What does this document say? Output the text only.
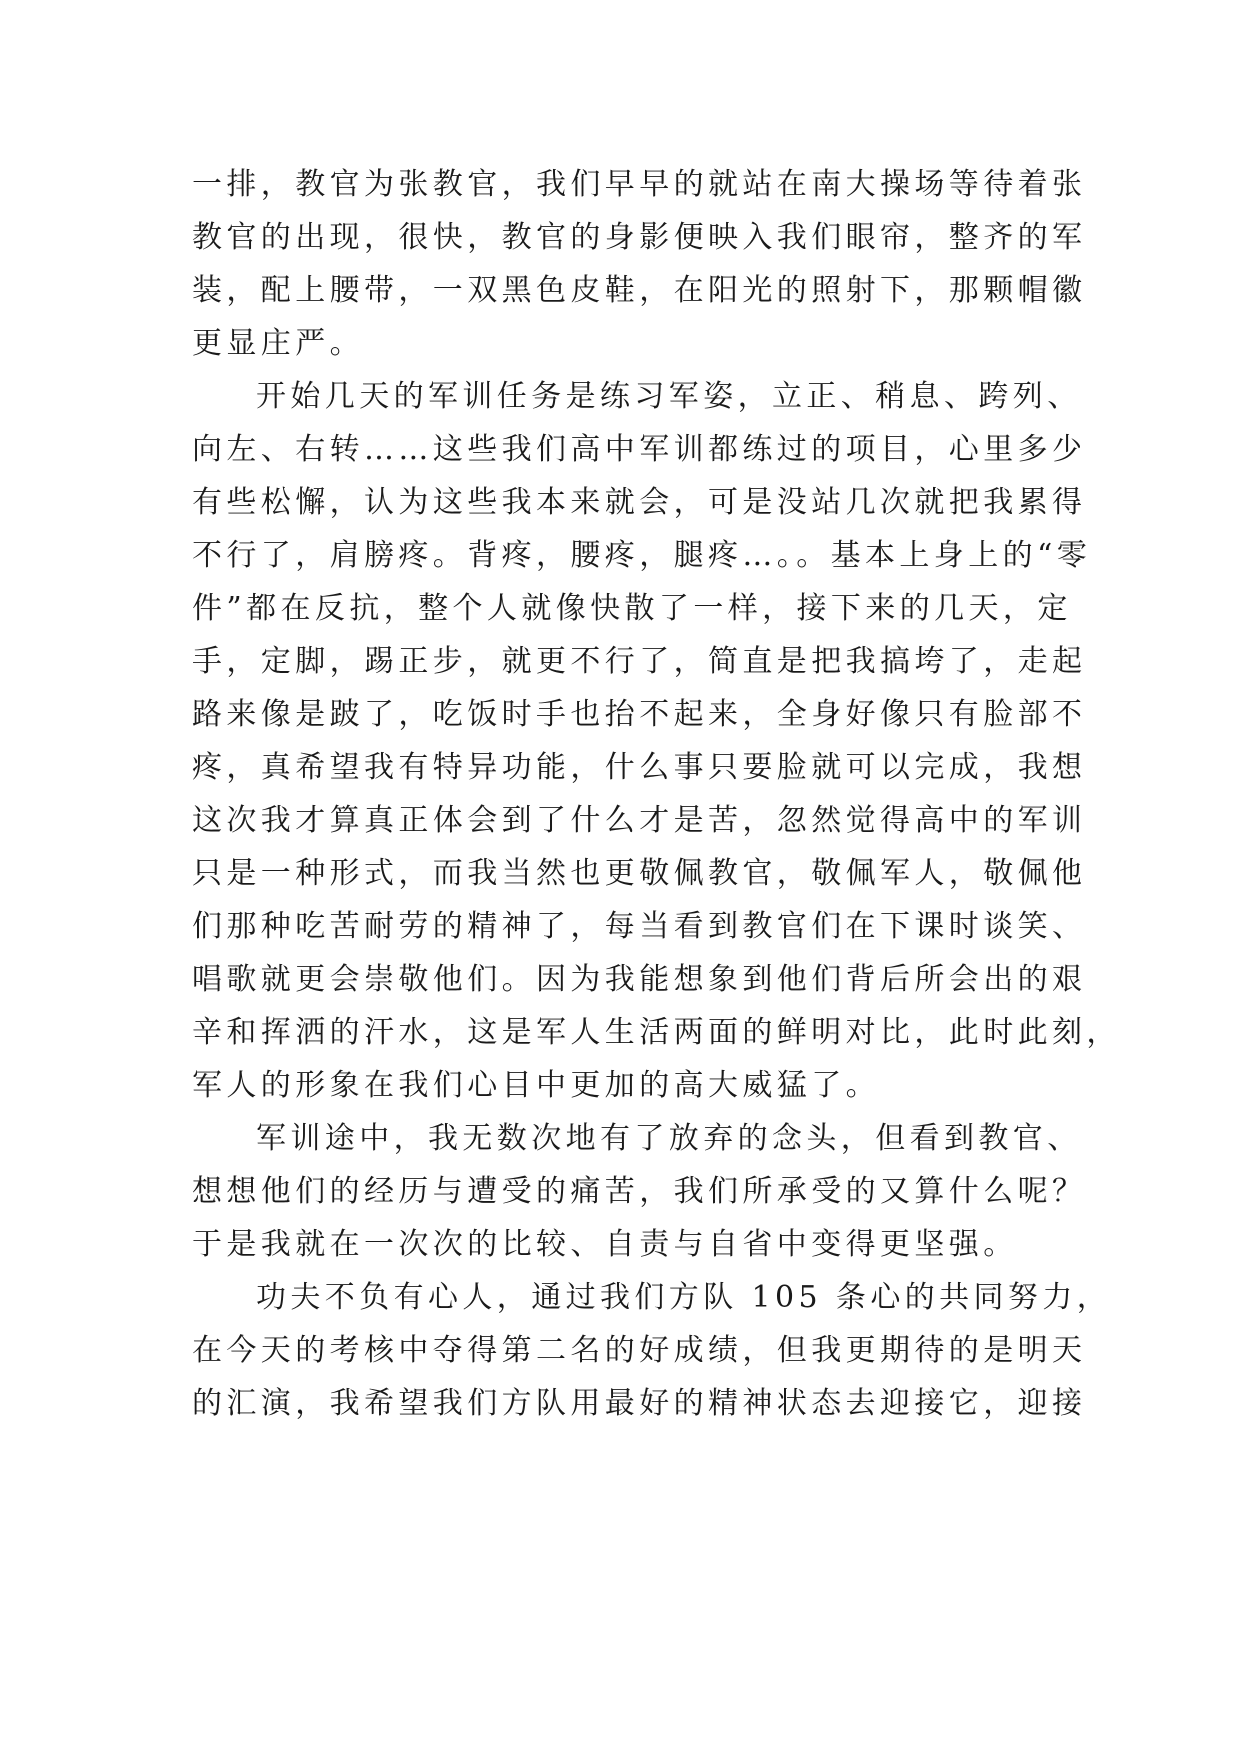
一排，教官为张教官，我们早早的就站在南大操场等待着张
教官的出现，很快，教官的身影便映入我们眼帘，整齐的军
装，配上腰带，一双黑色皮鞋，在阳光的照射下，那颗帽徽
更显庄严。
开始几天的军训任务是练习军姿，立正、稍息、跨列、
向左、右转……这些我们高中军训都练过的项目，心里多少
有些松懈，认为这些我本来就会，可是没站几次就把我累得
不行了，肩膀疼。背疼，腰疼，腿疼…。。基本上身上的“零
件”都在反抗，整个人就像快散了一样，接下来的几天，定
手，定脚，踢正步，就更不行了，简直是把我搞垮了，走起
路来像是跛了，吃饭时手也抬不起来，全身好像只有脸部不
疼，真希望我有特异功能，什么事只要脸就可以完成，我想
这次我才算真正体会到了什么才是苦，忽然觉得高中的军训
只是一种形式，而我当然也更敬佩教官，敬佩军人，敬佩他
们那种吃苦耐劳的精神了，每当看到教官们在下课时谈笑、
唱歌就更会崇敬他们。因为我能想象到他们背后所会出的艰
辛和挥洒的汗水，这是军人生活两面的鲜明对比，此时此刻，
军人的形象在我们心目中更加的高大威猛了。
军训途中，我无数次地有了放弃的念头，但看到教官、
想想他们的经历与遭受的痛苦，我们所承受的又算什么呢？
于是我就在一次次的比较、自责与自省中变得更坚强。
功夫不负有心人，通过我们方队 105 条心的共同努力，
在今天的考核中夺得第二名的好成绩，但我更期待的是明天
的汇演，我希望我们方队用最好的精神状态去迎接它，迎接
